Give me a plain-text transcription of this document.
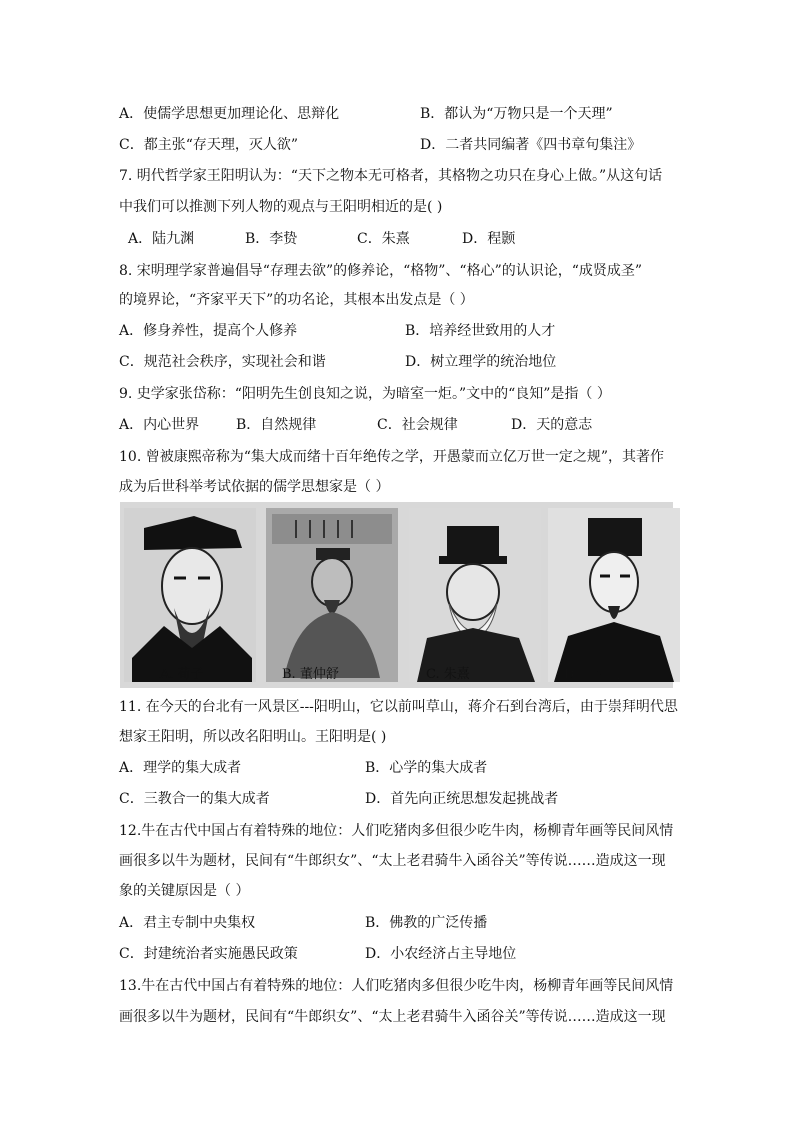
A．使儒学思想更加理论化、思辩化	B．都认为“万物只是一个天理”
C．都主张“存天理，灭人欲”	D．二者共同编著《四书章句集注》
7. 明代哲学家王阳明认为：“天下之物本无可格者，其格物之功只在身心上做。”从这句话
中我们可以推测下列人物的观点与王阳明相近的是( )
A．陆九渊	B．李贽	C．朱熹	D．程颢
8. 宋明理学家普遍倡导“存理去欲”的修养论，“格物”、“格心”的认识论，“成贤成圣”
的境界论，“齐家平天下”的功名论，其根本出发点是（ ）
A．修身养性，提高个人修养	B．培养经世致用的人才
C．规范社会秩序，实现社会和谐	D．树立理学的统治地位
9. 史学家张岱称：“阳明先生创良知之说，为暗室一炬。”文中的“良知”是指（ ）
A．内心世界	B．自然规律	C．社会规律	D．天的意志
10. 曾被康熙帝称为“集大成而绪十百年绝传之学，开愚蒙而立亿万世一定之规”，其著作
成为后世科举考试依据的儒学思想家是（ ）
A. 荀子	B. 董仲舒	C. 朱熹	D. 王阳明
11. 在今天的台北有一风景区---阳明山，它以前叫草山，蒋介石到台湾后，由于崇拜明代思
想家王阳明，所以改名阳明山。王阳明是( )
A．理学的集大成者	B．心学的集大成者
C．三教合一的集大成者	D．首先向正统思想发起挑战者
12.牛在古代中国占有着特殊的地位：人们吃猪肉多但很少吃牛肉，杨柳青年画等民间风情
画很多以牛为题材，民间有“牛郎织女”、“太上老君骑牛入函谷关”等传说……造成这一现
象的关键原因是（ ）
A．君主专制中央集权	B．佛教的广泛传播
C．封建统治者实施愚民政策	D．小农经济占主导地位
13.牛在古代中国占有着特殊的地位：人们吃猪肉多但很少吃牛肉，杨柳青年画等民间风情
画很多以牛为题材，民间有“牛郎织女”、“太上老君骑牛入函谷关”等传说……造成这一现
